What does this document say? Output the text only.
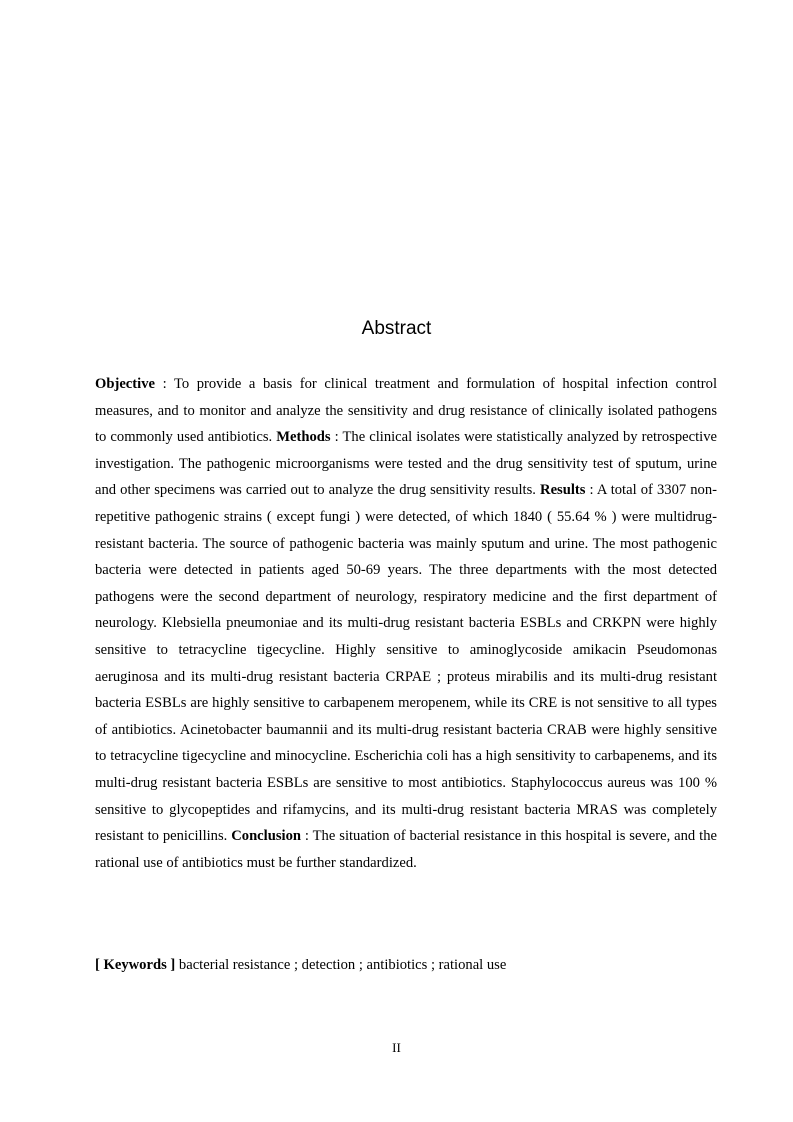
Abstract

Objective : To provide a basis for clinical treatment and formulation of hospital infection control measures, and to monitor and analyze the sensitivity and drug resistance of clinically isolated pathogens to commonly used antibiotics. Methods : The clinical isolates were statistically analyzed by retrospective investigation. The pathogenic microorganisms were tested and the drug sensitivity test of sputum, urine and other specimens was carried out to analyze the drug sensitivity results. Results : A total of 3307 non-repetitive pathogenic strains ( except fungi ) were detected, of which 1840 ( 55.64 % ) were multidrug-resistant bacteria. The source of pathogenic bacteria was mainly sputum and urine. The most pathogenic bacteria were detected in patients aged 50-69 years. The three departments with the most detected pathogens were the second department of neurology, respiratory medicine and the first department of neurology. Klebsiella pneumoniae and its multi-drug resistant bacteria ESBLs and CRKPN were highly sensitive to tetracycline tigecycline. Highly sensitive to aminoglycoside amikacin Pseudomonas aeruginosa and its multi-drug resistant bacteria CRPAE ; proteus mirabilis and its multi-drug resistant bacteria ESBLs are highly sensitive to carbapenem meropenem, while its CRE is not sensitive to all types of antibiotics. Acinetobacter baumannii and its multi-drug resistant bacteria CRAB were highly sensitive to tetracycline tigecycline and minocycline. Escherichia coli has a high sensitivity to carbapenems, and its multi-drug resistant bacteria ESBLs are sensitive to most antibiotics. Staphylococcus aureus was 100 % sensitive to glycopeptides and rifamycins, and its multi-drug resistant bacteria MRAS was completely resistant to penicillins. Conclusion : The situation of bacterial resistance in this hospital is severe, and the rational use of antibiotics must be further standardized.

[ Keywords ] bacterial resistance ; detection ; antibiotics ; rational use

II
